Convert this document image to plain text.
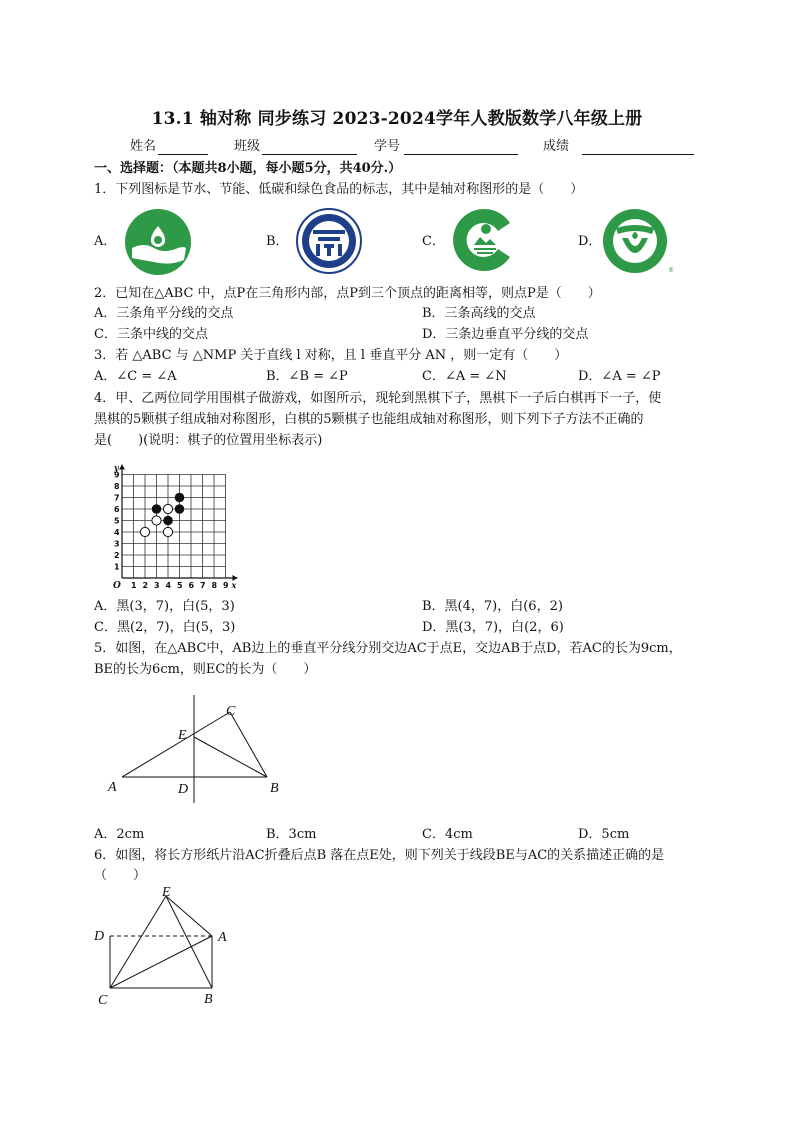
13.1 轴对称 同步练习 2023-2024学年人教版数学八年级上册
姓名	班级	学号	成绩
一、选择题：（本题共8小题，每小题5分，共40分.）
1．下列图标是节水、节能、低碳和绿色食品的标志，其中是轴对称图形的是（　　）
A．	B．	C．	D．
®
2．已知在△ABC 中，点P在三角形内部，点P到三个顶点的距离相等，则点P是（　　）
A．三条角平分线的交点	B．三条高线的交点
C．三条中线的交点	D．三条边垂直平分线的交点
3．若 △ABC 与 △NMP 关于直线 l 对称，且 l 垂直平分 AN ，则一定有（　　）
A．∠C = ∠A	B．∠B = ∠P	C．∠A = ∠N	D．∠A = ∠P
4．甲、乙两位同学用围棋子做游戏，如图所示，现轮到黑棋下子，黑棋下一子后白棋再下一子，使
黑棋的5颗棋子组成轴对称图形，白棋的5颗棋子也能组成轴对称图形，则下列下子方法不正确的
是(　　)(说明：棋子的位置用坐标表示)
1 2 3 4 5 6 7 8 9
1
2
3
4
5
6
7
8
9
O	x
y
A．黑(3，7)，白(5，3)	B．黑(4，7)，白(6，2)
C．黑(2，7)，白(5，3)	D．黑(3，7)，白(2，6)
5．如图，在△ABC中，AB边上的垂直平分线分别交边AC于点E，交边AB于点D，若AC的长为9cm，
BE的长为6cm，则EC的长为（　　）
A	B
C
D
E
A．2cm	B．3cm	C．4cm	D．5cm
6．如图，将长方形纸片沿AC折叠后点B 落在点E处，则下列关于线段BE与AC的关系描述正确的是
（　　）
D	A
C	B
E
